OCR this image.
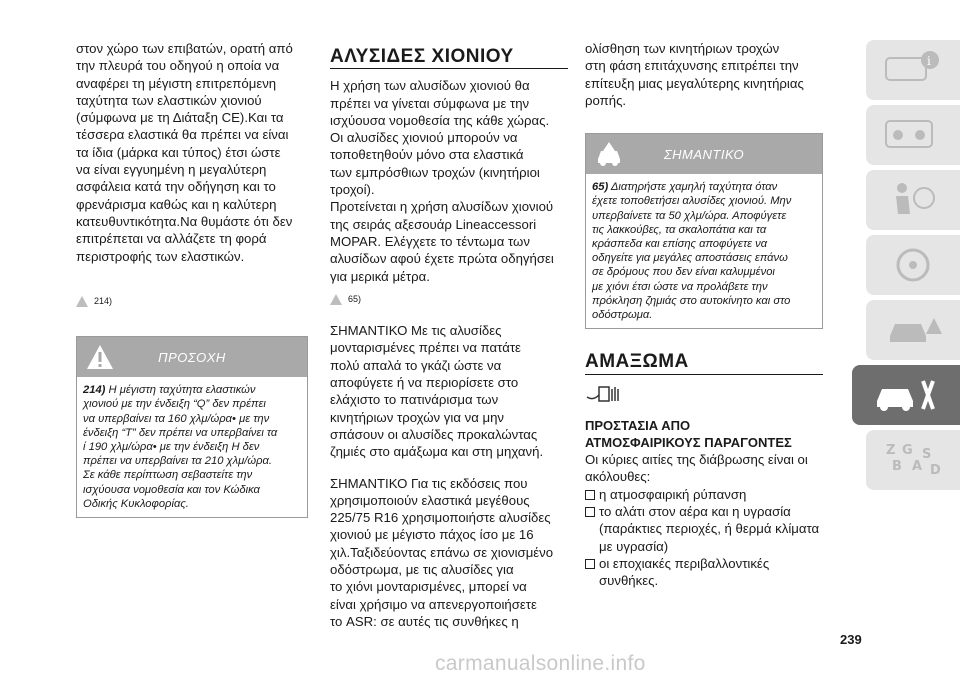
στον χώρο των επιβατών, ορατή από
την πλευρά του οδηγού η οποία να
αναφέρει τη μέγιστη επιτρεπόμενη
ταχύτητα των ελαστικών χιονιού
(σύμφωνα με τη Διάταξη CE).Και τα
τέσσερα ελαστικά θα πρέπει να είναι
τα ίδια (μάρκα και τύπος) έτσι ώστε
να είναι εγγυημένη η μεγαλύτερη
ασφάλεια κατά την οδήγηση και το
φρενάρισμα καθώς και η καλύτερη
κατευθυντικότητα.Να θυμάστε ότι δεν
επιτρέπεται να αλλάζετε τη φορά
περιστροφής των ελαστικών.

214)
ΠΡΟΣΟΧΗ
214) Η μέγιστη ταχύτητα ελαστικών
χιονιού με την ένδειξη “Q” δεν πρέπει
να υπερβαίνει τα 160 χλμ/ώρα• με την
ένδειξη “T” δεν πρέπει να υπερβαίνει τα
ί 190 χλμ/ώρα• με την ένδειξη Η δεν
πρέπει να υπερβαίνει τα 210 χλμ/ώρα.
Σε κάθε περίπτωση σεβαστείτε την
ισχύουσα νομοθεσία και τον Κώδικα
Οδικής Κυκλοφορίας.
ΑΛΥΣΙΔΕΣ ΧΙΟΝΙΟΥ

Η χρήση των αλυσίδων χιονιού θα
πρέπει να γίνεται σύμφωνα με την
ισχύουσα νομοθεσία της κάθε χώρας.
Οι αλυσίδες χιονιού μπορούν να
τοποθετηθούν μόνο στα ελαστικά
των εμπρόσθιων τροχών (κινητήριοι
τροχοί).
Προτείνεται η χρήση αλυσίδων χιονιού
της σειράς αξεσουάρ Lineaccessori
MOPAR. Ελέγχετε το τέντωμα των
αλυσίδων αφού έχετε πρώτα οδηγήσει
για μερικά μέτρα.

65)

ΣΗΜΑΝΤΙΚΟ Με τις αλυσίδες
μονταρισμένες πρέπει να πατάτε
πολύ απαλά το γκάζι ώστε να
αποφύγετε ή να περιορίσετε στο
ελάχιστο το πατινάρισμα των
κινητήριων τροχών για να μην
σπάσουν οι αλυσίδες προκαλώντας
ζημιές στο αμάξωμα και στη μηχανή.

ΣΗΜΑΝΤΙΚΟ Για τις εκδόσεις που
χρησιμοποιούν ελαστικά μεγέθους
225/75 R16 χρησιμοποιήστε αλυσίδες
χιονιού με μέγιστο πάχος ίσο με 16
χιλ.Ταξιδεύοντας επάνω σε χιονισμένο
οδόστρωμα, με τις αλυσίδες για
το χιόνι μονταρισμένες, μπορεί να
είναι χρήσιμο να απενεργοποιήσετε
το ASR: σε αυτές τις συνθήκες η

ολίσθηση των κινητήριων τροχών
στη φάση επιτάχυνσης επιτρέπει την
επίτευξη μιας μεγαλύτερης κινητήριας
ροπής.

ΣΗΜΑΝΤΙΚΟ
65) Διατηρήστε χαμηλή ταχύτητα όταν
έχετε τοποθετήσει αλυσίδες χιονιού. Μην
υπερβαίνετε τα 50 χλμ/ώρα. Αποφύγετε
τις λακκούβες, τα σκαλοπάτια και τα
κράσπεδα και επίσης αποφύγετε να
οδηγείτε για μεγάλες αποστάσεις επάνω
σε δρόμους που δεν είναι καλυμμένοι
με χιόνι έτσι ώστε να προλάβετε την
πρόκληση ζημιάς στο αυτοκίνητο και στο
οδόστρωμα.
ΑΜΑΞΩΜΑ
ΠΡΟΣΤΑΣΙΑ ΑΠΟ
ΑΤΜΟΣΦΑΙΡΙΚΟΥΣ ΠΑΡΑΓΟΝΤΕΣ

Οι κύριες αιτίες της διάβρωσης είναι οι
ακόλουθες:

η ατμοσφαιρική ρύπανση

το αλάτι στον αέρα και η υγρασία
(παράκτιες περιοχές, ή θερμά κλίματα
με υγρασία)

οι εποχιακές περιβαλλοντικές
συνθήκες.

i
Z G S
B A D
239
carmanualsonline.info
